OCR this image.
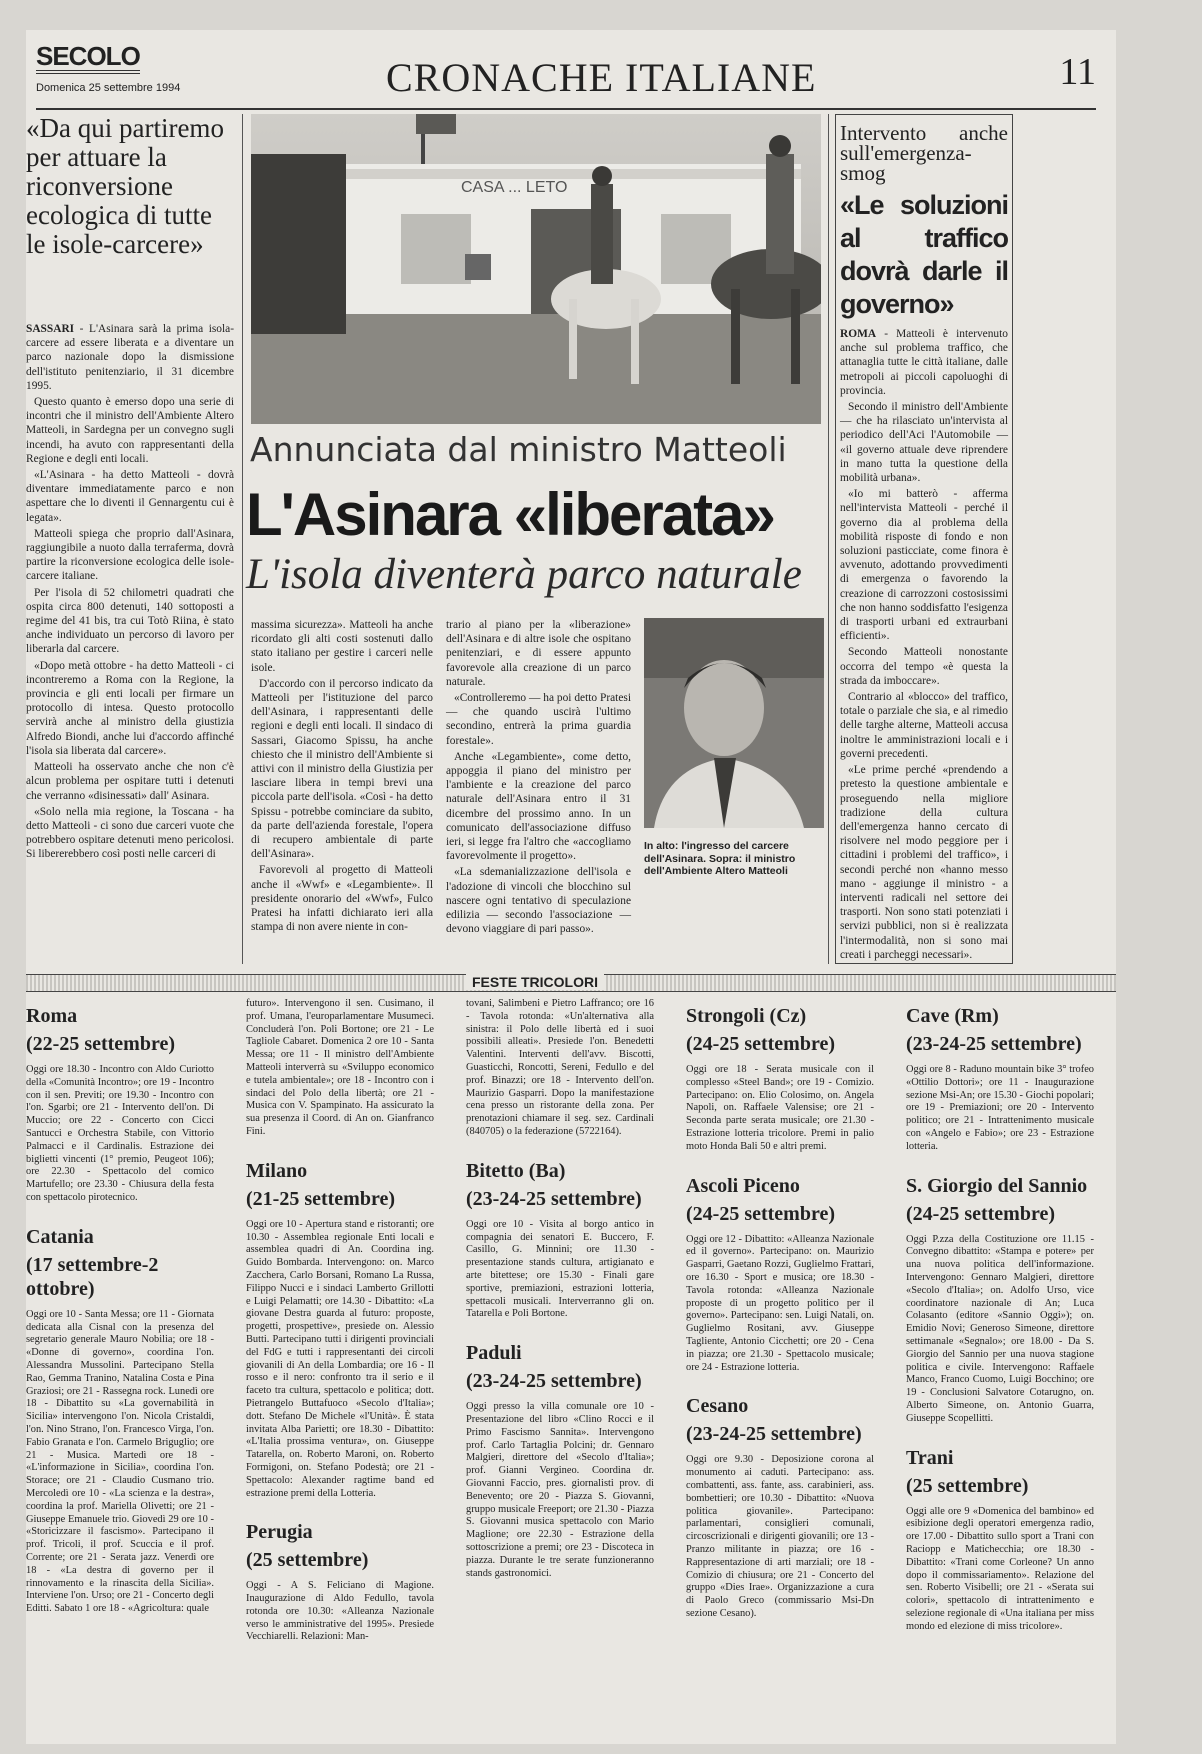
SECOLO
Domenica 25 settembre 1994	CRONACHE ITALIANE	11
«Da qui partiremo per attuare la riconversione ecologica di tutte le isole-carcere»

SASSARI - L'Asinara sarà la prima isola-carcere ad essere liberata e a diventare un parco nazionale dopo la dismissione dell'istituto penitenziario, il 31 dicembre 1995.

Questo quanto è emerso dopo una serie di incontri che il ministro dell'Ambiente Altero Matteoli, in Sardegna per un convegno sugli incendi, ha avuto con rappresentanti della Regione e degli enti locali.

«L'Asinara - ha detto Matteoli - dovrà diventare immediatamente parco e non aspettare che lo diventi il Gennargentu cui è legata».

Matteoli spiega che proprio dall'Asinara, raggiungibile a nuoto dalla terraferma, dovrà partire la riconversione ecologica delle isole-carcere italiane.

Per l'isola di 52 chilometri quadrati che ospita circa 800 detenuti, 140 sottoposti a regime del 41 bis, tra cui Totò Riina, è stato anche individuato un percorso di lavoro per liberarla dal carcere.

«Dopo metà ottobre - ha detto Matteoli - ci incontreremo a Roma con la Regione, la provincia e gli enti locali per firmare un protocollo di intesa. Questo protocollo servirà anche al ministro della giustizia Alfredo Biondi, anche lui d'accordo affinché l'isola sia liberata dal carcere».

Matteoli ha osservato anche che non c'è alcun problema per ospitare tutti i detenuti che verranno «disinessati» dall' Asinara.

«Solo nella mia regione, la Toscana - ha detto Matteoli - ci sono due carceri vuote che potrebbero ospitare detenuti meno pericolosi. Si libererebbero così posti nelle carceri di

CASA ... LETO
Annunciata dal ministro Matteoli
L'Asinara «liberata»
L'isola diventerà parco naturale

massima sicurezza». Matteoli ha anche ricordato gli alti costi sostenuti dallo stato italiano per gestire i carceri nelle isole.

D'accordo con il percorso indicato da Matteoli per l'istituzione del parco dell'Asinara, i rappresentanti delle regioni e degli enti locali. Il sindaco di Sassari, Giacomo Spissu, ha anche chiesto che il ministro dell'Ambiente si attivi con il ministro della Giustizia per lasciare libera in tempi brevi una piccola parte dell'isola. «Così - ha detto Spissu - potrebbe cominciare da subito, da parte dell'azienda forestale, l'opera di recupero ambientale di parte dell'Asinara».

Favorevoli al progetto di Matteoli anche il «Wwf» e «Legambiente». Il presidente onorario del «Wwf», Fulco Pratesi ha infatti dichiarato ieri alla stampa di non avere niente in con-

trario al piano per la «liberazione» dell'Asinara e di altre isole che ospitano penitenziari, e di essere appunto favorevole alla creazione di un parco naturale.

«Controlleremo — ha poi detto Pratesi — che quando uscirà l'ultimo secondino, entrerà la prima guardia forestale».

Anche «Legambiente», come detto, appoggia il piano del ministro per l'ambiente e la creazione del parco naturale dell'Asinara entro il 31 dicembre del prossimo anno. In un comunicato dell'associazione diffuso ieri, si legge fra l'altro che «accogliamo favorevolmente il progetto».

«La sdemanializzazione dell'isola e l'adozione di vincoli che blocchino sul nascere ogni tentativo di speculazione edilizia — secondo l'associazione — devono viaggiare di pari passo».

In alto: l'ingresso del carcere dell'Asinara. Sopra: il ministro dell'Ambiente Altero Matteoli
Intervento anche sull'emergenza-smog
«Le soluzioni al traffico dovrà darle il governo»

ROMA - Matteoli è intervenuto anche sul problema traffico, che attanaglia tutte le città italiane, dalle metropoli ai piccoli capoluoghi di provincia.

Secondo il ministro dell'Ambiente — che ha rilasciato un'intervista al periodico dell'Aci l'Automobile — «il governo attuale deve riprendere in mano tutta la questione della mobilità urbana».

«Io mi batterò - afferma nell'intervista Matteoli - perché il governo dia al problema della mobilità risposte di fondo e non soluzioni pasticciate, come finora è avvenuto, adottando provvedimenti di emergenza o favorendo la creazione di carrozzoni costosissimi che non hanno soddisfatto l'esigenza di trasporti urbani ed extraurbani efficienti».

Secondo Matteoli nonostante occorra del tempo «è questa la strada da imboccare».

Contrario al «blocco» del traffico, totale o parziale che sia, e al rimedio delle targhe alterne, Matteoli accusa inoltre le amministrazioni locali e i governi precedenti.

«Le prime perché «prendendo a pretesto la questione ambientale e proseguendo nella migliore tradizione della cultura dell'emergenza hanno cercato di risolvere nel modo peggiore per i cittadini i problemi del traffico», i secondi perché non «hanno messo mano - aggiunge il ministro - a interventi radicali nel settore dei trasporti. Non sono stati potenziati i servizi pubblici, non si è realizzata l'intermodalità, non si sono mai creati i parcheggi necessari».

FESTE TRICOLORI
Roma
(22-25 settembre)
Oggi ore 18.30 - Incontro con Aldo Curiotto della «Comunità Incontro»; ore 19 - Incontro con il sen. Previti; ore 19.30 - Incontro con l'on. Sgarbi; ore 21 - Intervento dell'on. Di Muccio; ore 22 - Concerto con Cicci Santucci e Orchestra Stabile, con Vittorio Palmacci e il Cardinalis. Estrazione dei biglietti vincenti (1° premio, Peugeot 106); ore 22.30 - Spettacolo del comico Martufello; ore 23.30 - Chiusura della festa con spettacolo pirotecnico.
Catania
(17 settembre-2 ottobre)
Oggi ore 10 - Santa Messa; ore 11 - Giornata dedicata alla Cisnal con la presenza del segretario generale Mauro Nobilia; ore 18 - «Donne di governo», coordina l'on. Alessandra Mussolini. Partecipano Stella Rao, Gemma Tranino, Natalina Costa e Pina Graziosi; ore 21 - Rassegna rock. Lunedì ore 18 - Dibattito su «La governabilità in Sicilia» intervengono l'on. Nicola Cristaldi, l'on. Nino Strano, l'on. Francesco Virga, l'on. Fabio Granata e l'on. Carmelo Briguglio; ore 21 - Musica. Martedì ore 18 - «L'informazione in Sicilia», coordina l'on. Storace; ore 21 - Claudio Cusmano trio. Mercoledì ore 10 - «La scienza e la destra», coordina la prof. Mariella Olivetti; ore 21 - Giuseppe Emanuele trio. Giovedì 29 ore 10 - «Storicizzare il fascismo». Partecipano il prof. Tricoli, il prof. Scuccia e il prof. Corrente; ore 21 - Serata jazz. Venerdì ore 18 - «La destra di governo per il rinnovamento e la rinascita della Sicilia». Interviene l'on. Urso; ore 21 - Concerto degli Editti. Sabato 1 ore 18 - «Agricoltura: quale
futuro». Intervengono il sen. Cusimano, il prof. Umana, l'europarlamentare Musumeci. Concluderà l'on. Poli Bortone; ore 21 - Le Tagliole Cabaret. Domenica 2 ore 10 - Santa Messa; ore 11 - Il ministro dell'Ambiente Matteoli interverrà su «Sviluppo economico e tutela ambientale»; ore 18 - Incontro con i sindaci del Polo della libertà; ore 21 - Musica con V. Spampinato. Ha assicurato la sua presenza il Coord. di An on. Gianfranco Fini.
Milano
(21-25 settembre)
Oggi ore 10 - Apertura stand e ristoranti; ore 10.30 - Assemblea regionale Enti locali e assemblea quadri di An. Coordina ing. Guido Bombarda. Intervengono: on. Marco Zacchera, Carlo Borsani, Romano La Russa, Filippo Nucci e i sindaci Lamberto Grillotti e Luigi Pelamatti; ore 14.30 - Dibattito: «La giovane Destra guarda al futuro: proposte, progetti, prospettive», presiede on. Alessio Butti. Partecipano tutti i dirigenti provinciali del FdG e tutti i rappresentanti dei circoli giovanili di An della Lombardia; ore 16 - Il rosso e il nero: confronto tra il serio e il faceto tra cultura, spettacolo e politica; dott. Pietrangelo Buttafuoco «Secolo d'Italia»; dott. Stefano De Michele «l'Unità». È stata invitata Alba Parietti; ore 18.30 - Dibattito: «L'Italia prossima ventura», on. Giuseppe Tatarella, on. Roberto Maroni, on. Roberto Formigoni, on. Stefano Podestà; ore 21 - Spettacolo: Alexander ragtime band ed estrazione premi della Lotteria.
Perugia
(25 settembre)
Oggi - A S. Feliciano di Magione. Inaugurazione di Aldo Fedullo, tavola rotonda ore 10.30: «Alleanza Nazionale verso le amministrative del 1995». Presiede Vecchiarelli. Relazioni: Man-
tovani, Salimbeni e Pietro Laffranco; ore 16 - Tavola rotonda: «Un'alternativa alla sinistra: il Polo delle libertà ed i suoi possibili alleati». Presiede l'on. Benedetti Valentini. Interventi dell'avv. Biscotti, Guasticchi, Roncotti, Sereni, Fedullo e del prof. Binazzi; ore 18 - Intervento dell'on. Maurizio Gasparri. Dopo la manifestazione cena presso un ristorante della zona. Per prenotazioni chiamare il seg. sez. Cardinali (840705) o la federazione (5722164).
Bitetto (Ba)
(23-24-25 settembre)
Oggi ore 10 - Visita al borgo antico in compagnia dei senatori E. Buccero, F. Casillo, G. Minnini; ore 11.30 - presentazione stands cultura, artigianato e arte bitettese; ore 15.30 - Finali gare sportive, premiazioni, estrazioni lotteria, spettacoli musicali. Interverranno gli on. Tatarella e Poli Bortone.
Paduli
(23-24-25 settembre)
Oggi presso la villa comunale ore 10 - Presentazione del libro «Clino Rocci e il Primo Fascismo Sannita». Intervengono prof. Carlo Tartaglia Polcini; dr. Gennaro Malgieri, direttore del «Secolo d'Italia»; prof. Gianni Vergineo. Coordina dr. Giovanni Faccio, pres. giornalisti prov. di Benevento; ore 20 - Piazza S. Giovanni, gruppo musicale Freeport; ore 21.30 - Piazza S. Giovanni musica spettacolo con Mario Maglione; ore 22.30 - Estrazione della sottoscrizione a premi; ore 23 - Discoteca in piazza. Durante le tre serate funzioneranno stands gastronomici.
Strongoli (Cz)
(24-25 settembre)
Oggi ore 18 - Serata musicale con il complesso «Steel Band»; ore 19 - Comizio. Partecipano: on. Elio Colosimo, on. Angela Napoli, on. Raffaele Valensise; ore 21 - Seconda parte serata musicale; ore 21.30 - Estrazione lotteria tricolore. Premi in palio moto Honda Bali 50 e altri premi.
Ascoli Piceno
(24-25 settembre)
Oggi ore 12 - Dibattito: «Alleanza Nazionale ed il governo». Partecipano: on. Maurizio Gasparri, Gaetano Rozzi, Guglielmo Frattari, ore 16.30 - Sport e musica; ore 18.30 - Tavola rotonda: «Alleanza Nazionale proposte di un progetto politico per il governo». Partecipano: sen. Luigi Natali, on. Guglielmo Rositani, avv. Giuseppe Tagliente, Antonio Cicchetti; ore 20 - Cena in piazza; ore 21.30 - Spettacolo musicale; ore 24 - Estrazione lotteria.
Cesano
(23-24-25 settembre)
Oggi ore 9.30 - Deposizione corona al monumento ai caduti. Partecipano: ass. combattenti, ass. fante, ass. carabinieri, ass. bombettieri; ore 10.30 - Dibattito: «Nuova politica giovanile». Partecipano: parlamentari, consiglieri comunali, circoscrizionali e dirigenti giovanili; ore 13 - Pranzo militante in piazza; ore 16 - Rappresentazione di arti marziali; ore 18 - Comizio di chiusura; ore 21 - Concerto del gruppo «Dies Irae». Organizzazione a cura di Paolo Greco (commissario Msi-Dn sezione Cesano).
Cave (Rm)
(23-24-25 settembre)
Oggi ore 8 - Raduno mountain bike 3° trofeo «Ottilio Dottori»; ore 11 - Inaugurazione sezione Msi-An; ore 15.30 - Giochi popolari; ore 19 - Premiazioni; ore 20 - Intervento politico; ore 21 - Intrattenimento musicale con «Angelo e Fabio»; ore 23 - Estrazione lotteria.
S. Giorgio del Sannio
(24-25 settembre)
Oggi P.zza della Costituzione ore 11.15 - Convegno dibattito: «Stampa e potere» per una nuova politica dell'informazione. Intervengono: Gennaro Malgieri, direttore «Secolo d'Italia»; on. Adolfo Urso, vice coordinatore nazionale di An; Luca Colasanto (editore «Sannio Oggi»); on. Emidio Novi; Generoso Simeone, direttore settimanale «Segnalo»; ore 18.00 - Da S. Giorgio del Sannio per una nuova stagione politica e civile. Intervengono: Raffaele Manco, Franco Cuomo, Luigi Bocchino; ore 19 - Conclusioni Salvatore Cotarugno, on. Alberto Simeone, on. Antonio Guarra, Giuseppe Scopellitti.
Trani
(25 settembre)
Oggi alle ore 9 «Domenica del bambino» ed esibizione degli operatori emergenza radio, ore 17.00 - Dibattito sullo sport a Trani con Raciopp e Matichecchia; ore 18.30 - Dibattito: «Trani come Corleone? Un anno dopo il commissariamento». Relazione del sen. Roberto Visibelli; ore 21 - «Serata sui colori», spettacolo di intrattenimento e selezione regionale di «Una italiana per miss mondo ed elezione di miss tricolore».
